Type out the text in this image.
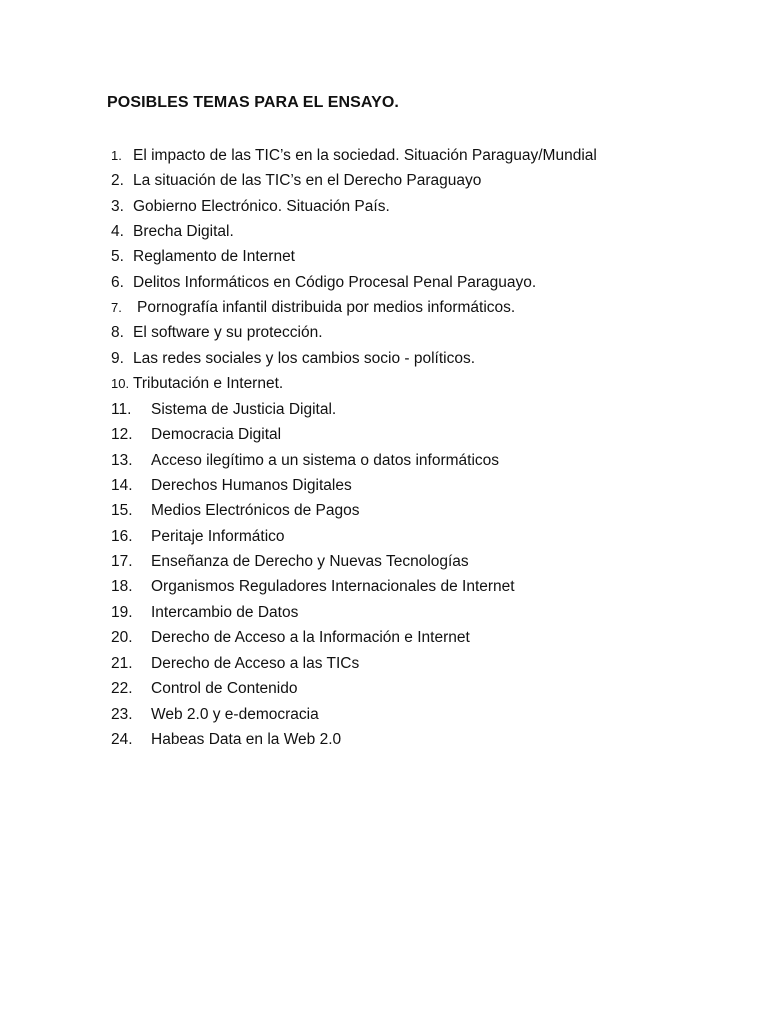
POSIBLES TEMAS PARA EL ENSAYO.
1. El impacto de las TIC’s en la sociedad. Situación Paraguay/Mundial
2. La situación de las TIC’s en el Derecho Paraguayo
3. Gobierno Electrónico. Situación País.
4. Brecha Digital.
5. Reglamento de Internet
6. Delitos Informáticos en Código Procesal Penal Paraguayo.
7. Pornografía infantil distribuida por medios informáticos.
8. El software y su protección.
9. Las redes sociales y los cambios socio - políticos.
10. Tributación e Internet.
11. Sistema de Justicia Digital.
12. Democracia Digital
13. Acceso ilegítimo a un sistema o datos informáticos
14. Derechos Humanos Digitales
15. Medios Electrónicos de Pagos
16. Peritaje Informático
17. Enseñanza de Derecho y Nuevas Tecnologías
18. Organismos Reguladores Internacionales de Internet
19. Intercambio de Datos
20. Derecho de Acceso a la Información e Internet
21. Derecho de Acceso a las TICs
22. Control de Contenido
23. Web 2.0 y e-democracia
24. Habeas Data en la Web 2.0
